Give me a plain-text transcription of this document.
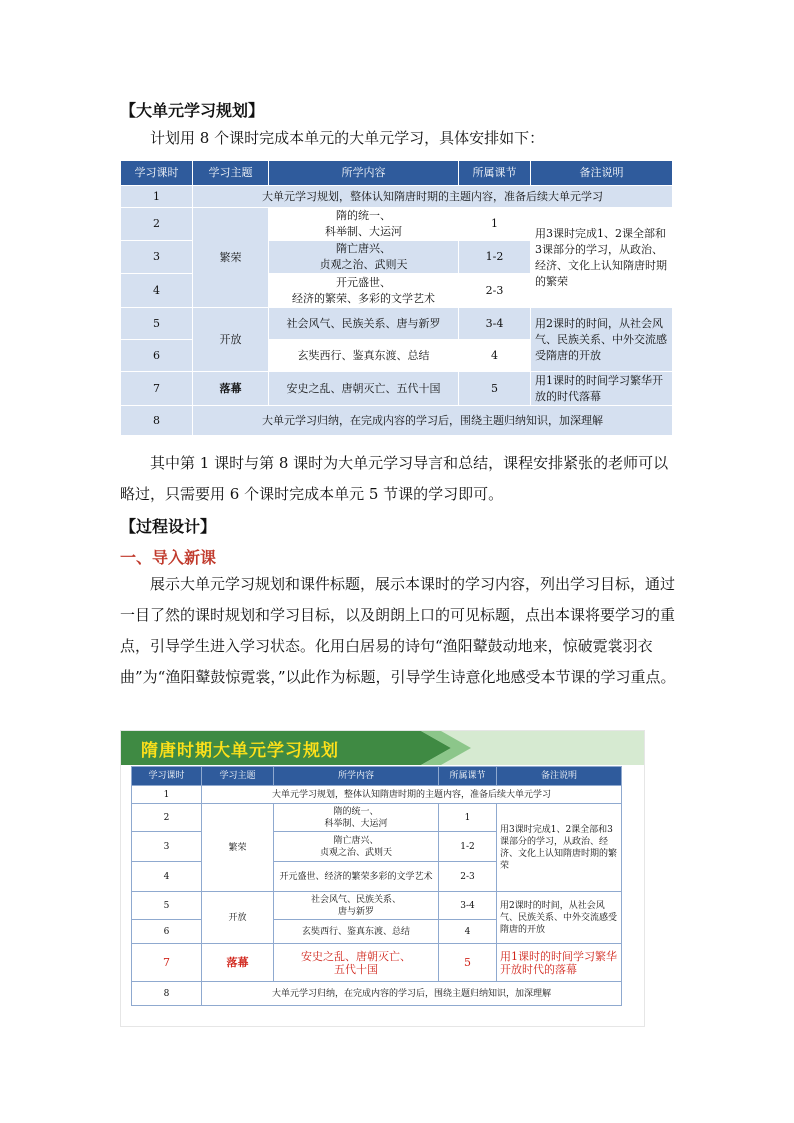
【大单元学习规划】
计划用 8 个课时完成本单元的大单元学习，具体安排如下：
学习课时	学习主题	所学内容	所属课节	备注说明
1	大单元学习规划，整体认知隋唐时期的主题内容，准备后续大单元学习			
2	繁荣	隋的统一、
科举制、大运河	1	用3课时完成1、2课全部和3课部分的学习，从政治、经济、文化上认知隋唐时期的繁荣
3		隋亡唐兴、
贞观之治、武则天	1-2	
4		开元盛世、
经济的繁荣、多彩的文学艺术	2-3	
5	开放	社会风气、民族关系、唐与新罗	3-4	用2课时的时间，从社会风气、民族关系、中外交流感受隋唐的开放
6		玄奘西行、鉴真东渡、总结	4	
7	落幕	安史之乱、唐朝灭亡、五代十国	5	用1课时的时间学习繁华开放的时代落幕
8	大单元学习归纳，在完成内容的学习后，围绕主题归纳知识，加深理解			
其中第 1 课时与第 8 课时为大单元学习导言和总结，课程安排紧张的老师可以略过，只需要用 6 个课时完成本单元 5 节课的学习即可。
【过程设计】
一、导入新课
展示大单元学习规划和课件标题，展示本课时的学习内容，列出学习目标，通过一目了然的课时规划和学习目标，以及朗朗上口的可见标题，点出本课将要学习的重点，引导学生进入学习状态。化用白居易的诗句“渔阳鼙鼓动地来，惊破霓裳羽衣曲”为“渔阳鼙鼓惊霓裳，”以此作为标题，引导学生诗意化地感受本节课的学习重点。
隋唐时期大单元学习规划
学习课时	学习主题	所学内容	所属课节	备注说明
1	大单元学习规划，整体认知隋唐时期的主题内容，准备后续大单元学习			
2	繁荣	隋的统一、
科举制、大运河	1	用3课时完成1、2课全部和3课部分的学习，从政治、经济、文化上认知隋唐时期的繁荣
3		隋亡唐兴、
贞观之治、武则天	1-2	
4		开元盛世、经济的繁荣多彩的文学艺术	2-3	
5	开放	社会风气、民族关系、
唐与新罗	3-4	用2课时的时间，从社会风气、民族关系、中外交流感受隋唐的开放
6		玄奘西行、鉴真东渡、总结	4	
7	落幕	安史之乱、唐朝灭亡、
五代十国	5	用1课时的时间学习繁华开放时代的落幕
8	大单元学习归纳，在完成内容的学习后，围绕主题归纳知识，加深理解			
